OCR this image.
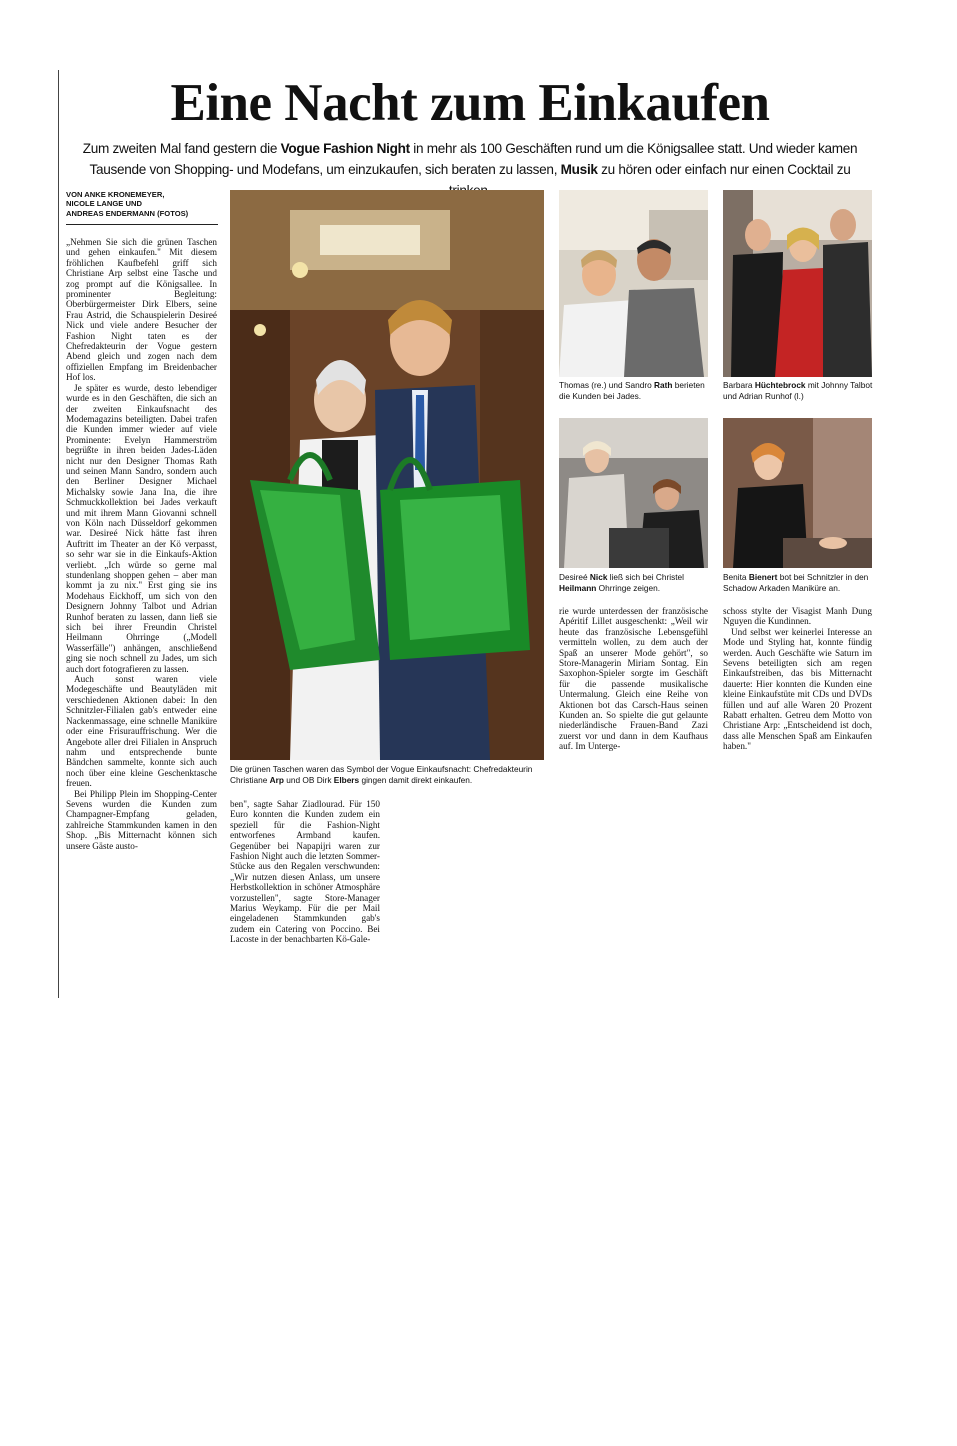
Eine Nacht zum Einkaufen

Zum zweiten Mal fand gestern die Vogue Fashion Night in mehr als 100 Geschäften rund um die Königsallee statt. Und wieder kamen Tausende von Shopping- und Modefans, um einzukaufen, sich beraten zu lassen, Musik zu hören oder einfach nur einen Cocktail zu

VON ANKE KRONEMEYER,
NICOLE LANGE UND
ANDREAS ENDERMANN (FOTOS)

„Nehmen Sie sich die grünen Taschen und gehen einkaufen." Mit diesem fröhlichen Kaufbefehl griff sich Christiane Arp selbst eine Tasche und zog prompt auf die Königsallee. In prominenter Begleitung: Oberbürgermeister Dirk Elbers, seine Frau Astrid, die Schauspielerin Desireé Nick und viele andere Besucher der Fashion Night taten es der Chefredakteurin der Vogue gestern Abend gleich und zogen nach dem offiziellen Empfang im Breidenbacher Hof los.

Je später es wurde, desto lebendiger wurde es in den Geschäften, die sich an der zweiten Einkaufsnacht des Modemagazins beteiligten. Dabei trafen die Kunden immer wieder auf viele Prominente: Evelyn Hammerström begrüßte in ihren beiden Jades-Läden nicht nur den Designer Thomas Rath und seinen Mann Sandro, sondern auch den Berliner Designer Michael Michalsky sowie Jana Ina, die ihre Schmuckkollektion bei Jades verkauft und mit ihrem Mann Giovanni schnell von Köln nach Düsseldorf gekommen war. Desireé Nick hätte fast ihren Auftritt im Theater an der Kö verpasst, so sehr war sie in die Einkaufs-Aktion verliebt. „Ich würde so gerne mal stundenlang shoppen gehen – aber man kommt ja zu nix." Erst ging sie ins Modehaus Eickhoff, um sich von den Designern Johnny Talbot und Adrian Runhof beraten zu lassen, dann ließ sie sich bei ihrer Freundin Christel Heilmann Ohrringe („Modell Wasserfälle") anhängen, anschließend ging sie noch schnell zu Jades, um sich auch dort fotografieren zu lassen.

Auch sonst waren viele Modegeschäfte und Beautyläden mit verschiedenen Aktionen dabei: In den Schnitzler-Filialen gab's entweder eine Nackenmassage, eine schnelle Maniküre oder eine Frisurauffrischung. Wer die Angebote aller drei Filialen in Anspruch nahm und entsprechende bunte Bändchen sammelte, konnte sich auch noch über eine kleine Geschenktasche freuen.

Bei Philipp Plein im Shopping-Center Sevens wurden die Kunden zum Champagner-Empfang geladen, zahlreiche Stammkunden kamen in den Shop. „Bis Mitternacht können sich unsere Gäste austo-

Die grünen Taschen waren das Symbol der Vogue Einkaufsnacht: Chefredakteurin Christiane Arp und OB Dirk Elbers gingen damit direkt einkaufen.

ben", sagte Sahar Ziadlourad. Für 150 Euro konnten die Kunden zudem ein speziell für die Fashion-Night entworfenes Armband kaufen. Gegenüber bei Napapijri waren zur Fashion Night auch die letzten Sommer-Stücke aus den Regalen verschwunden: „Wir nutzen diesen Anlass, um unsere Herbstkollektion in schöner Atmosphäre vorzustellen", sagte Store-Manager Marius Weykamp. Für die per Mail eingeladenen Stammkunden gab's zudem ein Catering von Poccino. Bei Lacoste in der benachbarten Kö-Gale-

Thomas (re.) und Sandro Rath berieten die Kunden bei Jades.
Barbara Hüchtebrock mit Johnny Talbot und Adrian Runhof (l.)
Desireé Nick ließ sich bei Christel Heilmann Ohrringe zeigen.
Benita Bienert bot bei Schnitzler in den Schadow Arkaden Maniküre an.

rie wurde unterdessen der französische Apéritif Lillet ausgeschenkt: „Weil wir heute das französische Lebensgefühl vermitteln wollen, zu dem auch der Spaß an unserer Mode gehört", so Store-Managerin Miriam Sontag. Ein Saxophon-Spieler sorgte im Geschäft für die passende musikalische Untermalung. Gleich eine Reihe von Aktionen bot das Carsch-Haus seinen Kunden an. So spielte die gut gelaunte niederländische Frauen-Band Zazi zuerst vor und dann in dem Kaufhaus auf. Im Unterge-

schoss stylte der Visagist Manh Dung Nguyen die Kundinnen.

Und selbst wer keinerlei Interesse an Mode und Styling hat, konnte fündig werden. Auch Geschäfte wie Saturn im Sevens beteiligten sich am regen Einkaufstreiben, das bis Mitternacht dauerte: Hier konnten die Kunden eine kleine Einkaufstüte mit CDs und DVDs füllen und auf alle Waren 20 Prozent Rabatt erhalten. Getreu dem Motto von Christiane Arp: „Entscheidend ist doch, dass alle Menschen Spaß am Einkaufen haben."
